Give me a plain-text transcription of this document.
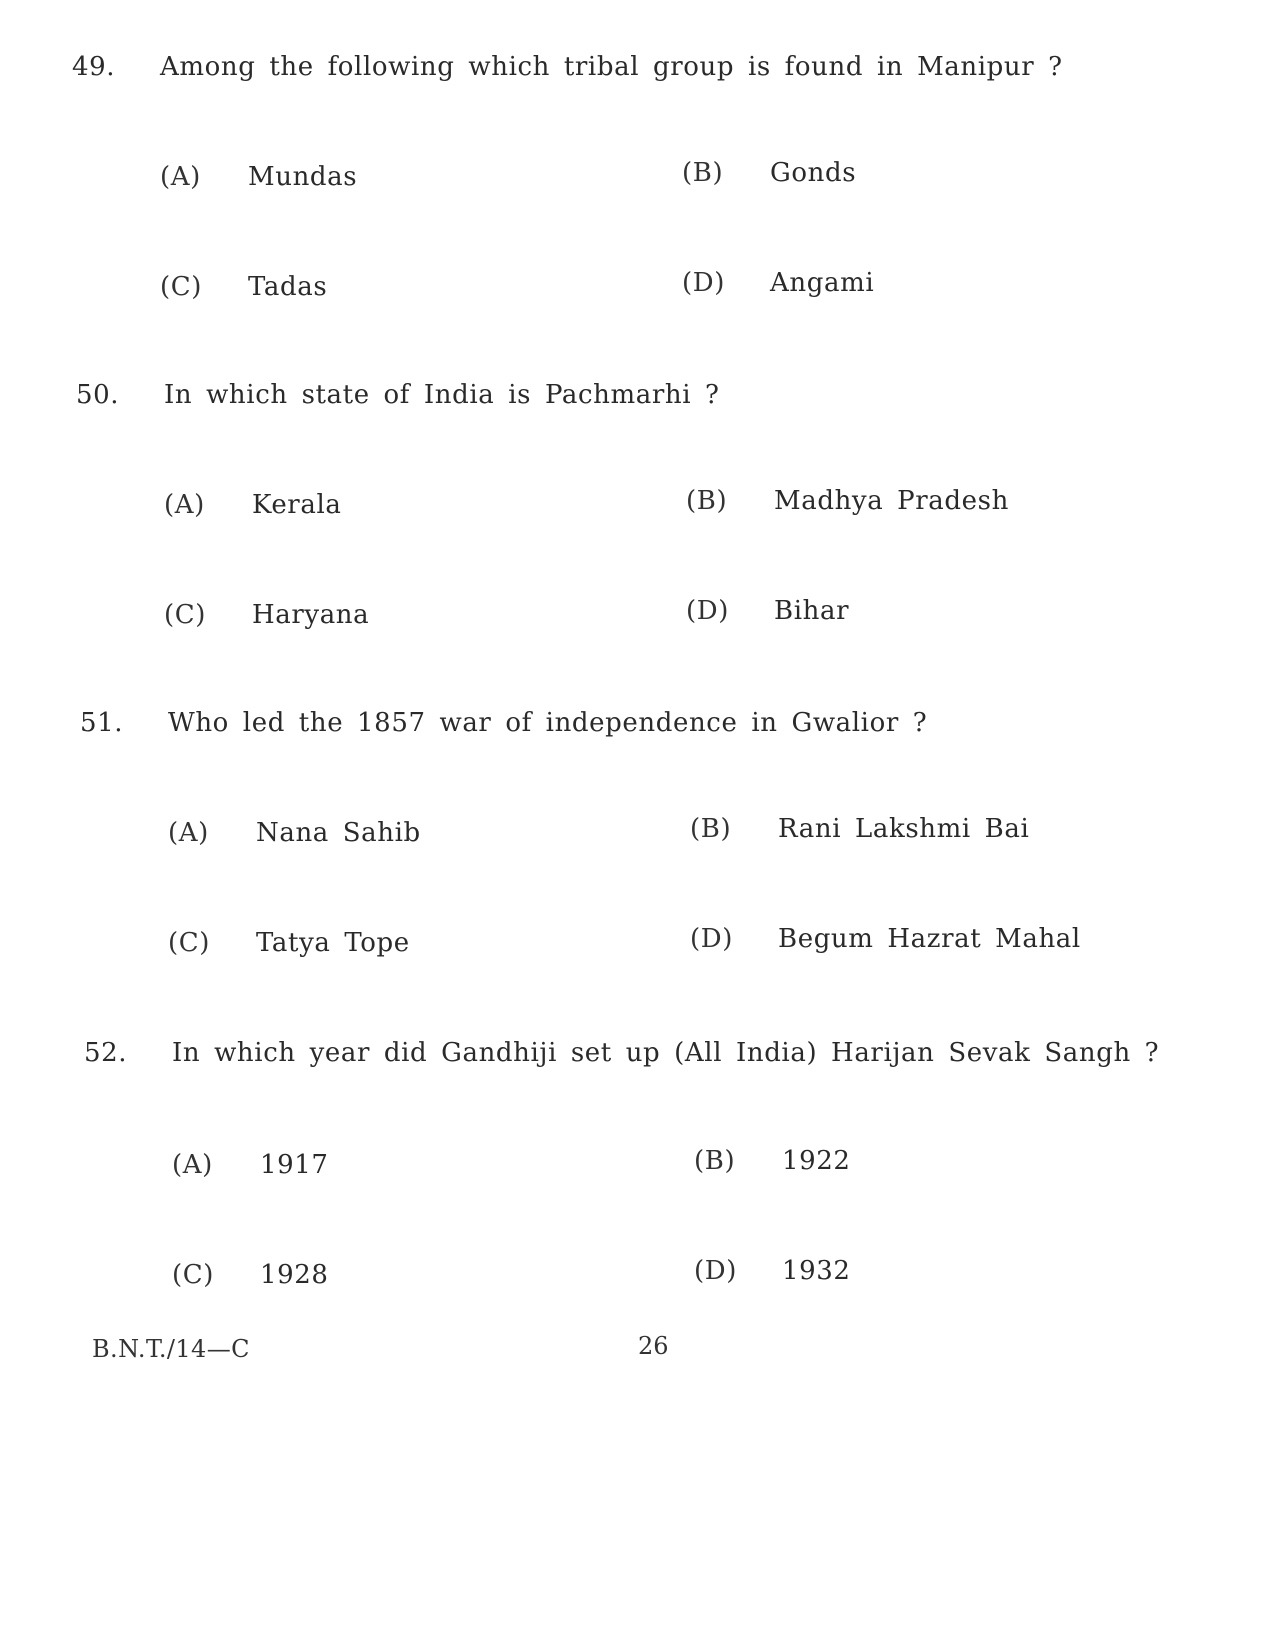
49. Among the following which tribal group is found in Manipur ?
(A) Mundas	(B) Gonds
(C) Tadas	(D) Angami
50. In which state of India is Pachmarhi ?
(A) Kerala	(B) Madhya Pradesh
(C) Haryana	(D) Bihar
51. Who led the 1857 war of independence in Gwalior ?
(A) Nana Sahib	(B) Rani Lakshmi Bai
(C) Tatya Tope	(D) Begum Hazrat Mahal
52. In which year did Gandhiji set up (All India) Harijan Sevak Sangh ?
(A) 1917	(B) 1922
(C) 1928	(D) 1932
B.N.T./14—C	26
